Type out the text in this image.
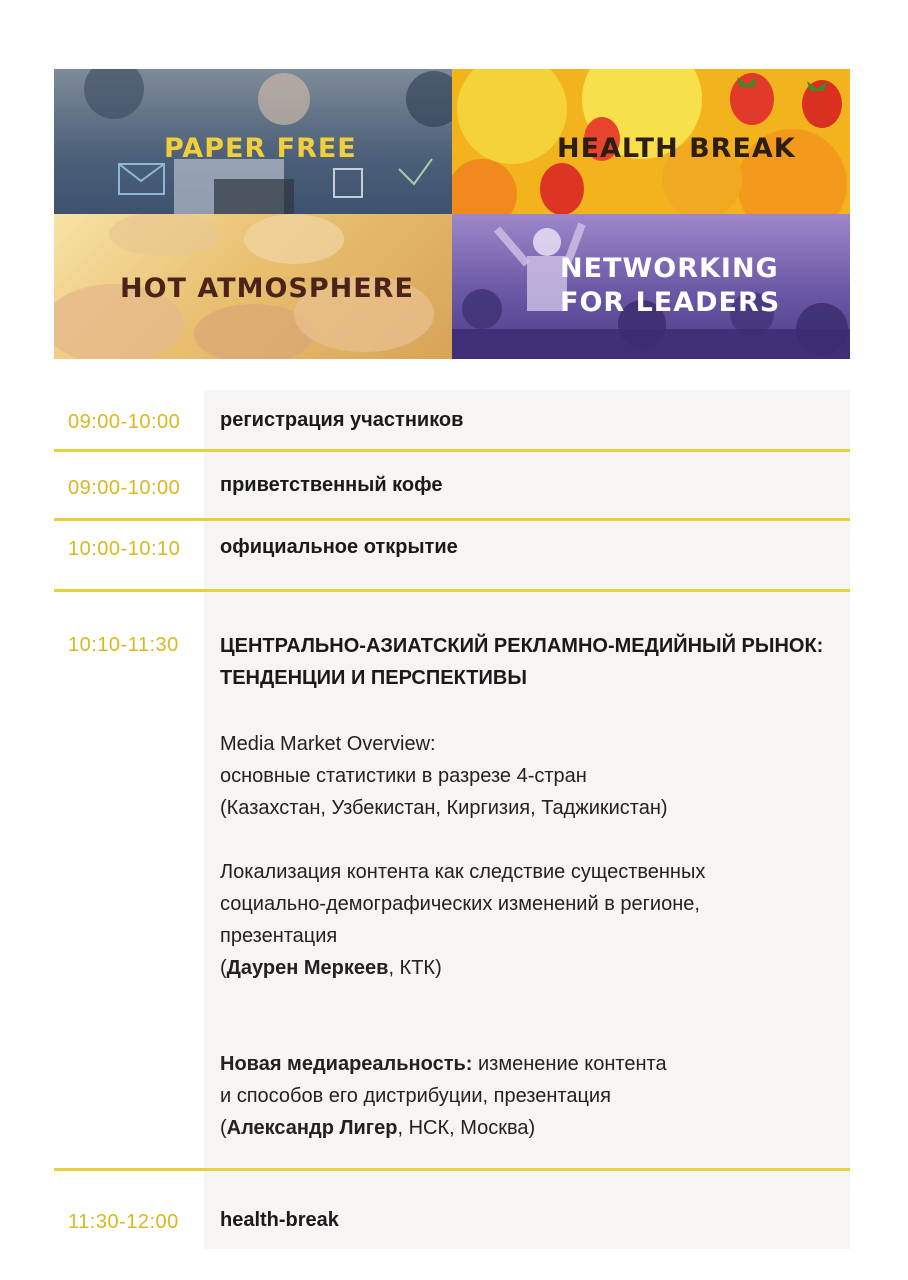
PAPER FREE	HEALTH BREAK
HOT ATMOSPHERE
NETWORKING
FOR LEADERS
09:00-10:00 регистрация участников
09:00-10:00 приветственный кофе
10:00-10:10 официальное открытие
10:10-11:30 ЦЕНТРАЛЬНО-АЗИАТСКИЙ РЕКЛАМНО-МЕДИЙНЫЙ РЫНОК:
ТЕНДЕНЦИИ И ПЕРСПЕКТИВЫ
Media Market Overview:
основные статистики в разрезе 4-стран
(Казахстан, Узбекистан, Киргизия, Таджикистан)
Локализация контента как следствие существенных
социально-демографических изменений в регионе,
презентация
(Даурен Меркеев, КТК)
Новая медиареальность: изменение контента
и способов его дистрибуции, презентация
(Александр Лигер, НСК, Москва)
11:30-12:00 health-break
